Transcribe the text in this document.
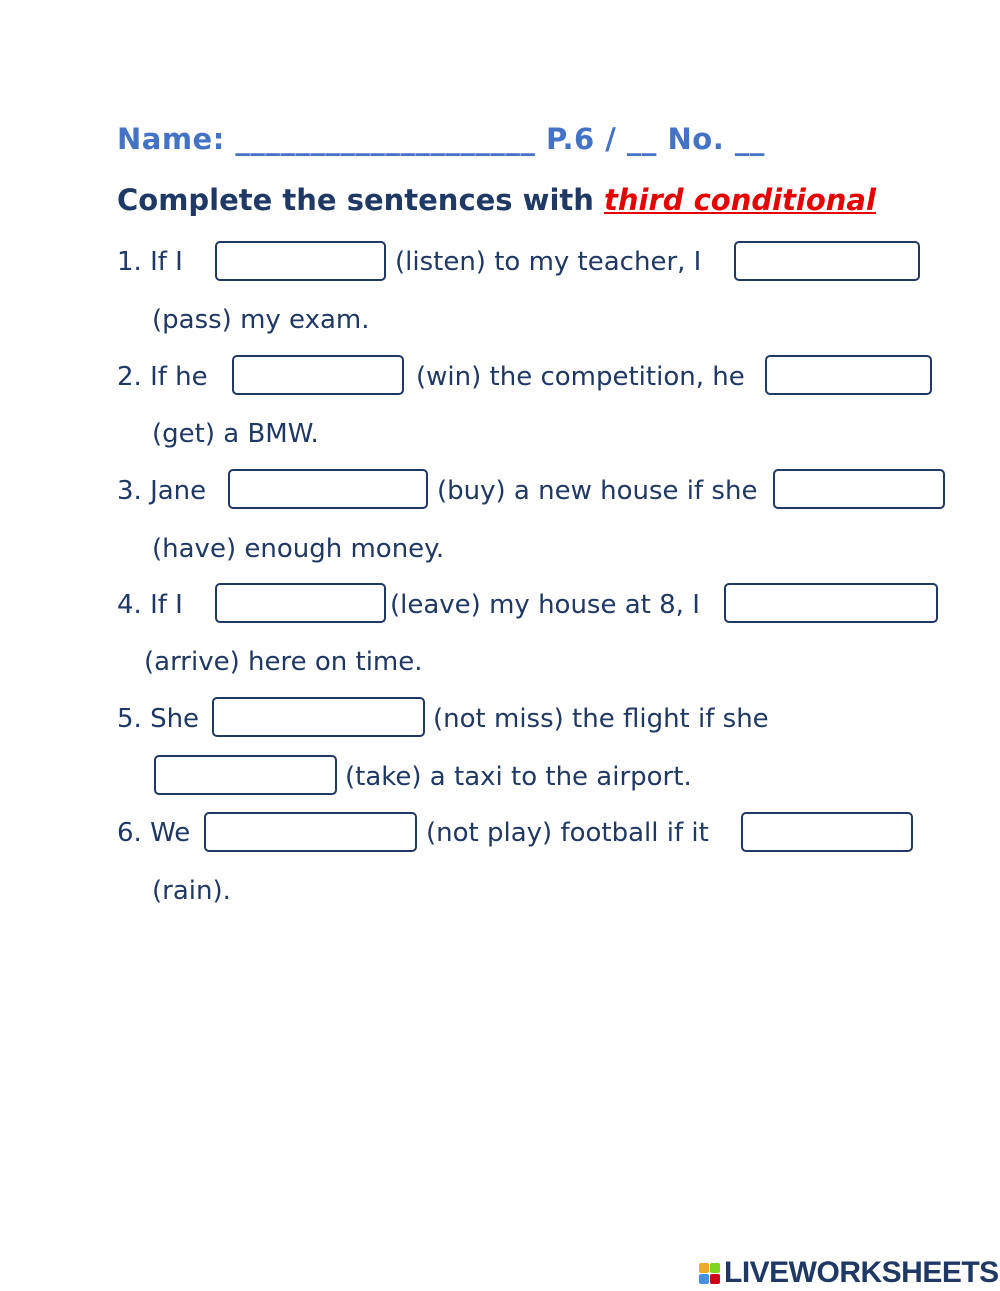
Name: ____________________ P.6 / __ No. __
Complete the sentences with third conditional
1. If I	(listen) to my teacher, I
(pass) my exam.
2. If he	(win) the competition, he
(get) a BMW.
3. Jane	(buy) a new house if she
(have) enough money.
4. If I	(leave) my house at 8, I
(arrive) here on time.
5. She	(not miss) the flight if she
(take) a taxi to the airport.
6. We	(not play) football if it
(rain).
LIVEWORKSHEETS
